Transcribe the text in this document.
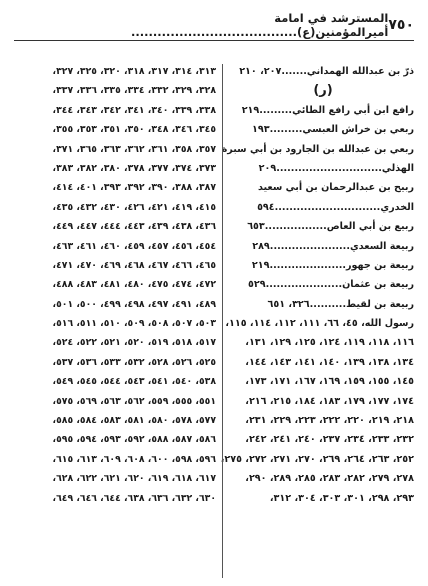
٧٥٠
المسترشد في امامة أميرالمؤمنين(ع)......................................
ذرّ بن عبدالله الهمداني.......٢٠٧، ٢١٠
(ر)
رافع ابن أبي رافع الطائي.........٢١٩
ربعي بن خراش العبسي.........١٩٣
ربعي بن عبدالله بن الجارود بن أبي سبرة
الهذلي.............................٢٠٩
ربيح بن عبدالرحمان بن أبي سعيد
الخدري.............................٥٩٤
ربيع بن أبي العاص.................٦٥٣
ربيعة السعدي......................٢٨٩
ربيعة بن جهور.....................٢١٩
ربيعة بن عثمان.....................٥٢٩
ربيعة بن لقيط..........٣٢٦، ٦٥١
رسول الله، ٤٥، ٦٦، ١١١، ١١٢، ١١٤، ١١٥،
١١٦، ١١٨، ١١٩، ١٢٤، ١٢٥، ١٢٩، ١٣١،
١٣٤، ١٣٨، ١٣٩، ١٤٠، ١٤١، ١٤٣، ١٤٤،
١٤٥، ١٥٥، ١٥٩، ١٦٩، ١٦٧، ١٧١، ١٧٣،
١٧٤، ١٧٧، ١٧٩، ١٨٣، ١٨٤، ٢١٥، ٢١٦،
٢١٨، ٢١٩، ٢٢٠، ٢٢٢، ٢٢٣، ٢٢٩، ٢٣١،
٢٣٢، ٢٣٣، ٢٣٤، ٢٣٧، ٢٤٠، ٢٤١، ٢٤٢،
٢٥٢، ٢٦٣، ٢٦٤، ٢٦٩، ٢٧٠، ٢٧١، ٢٧٢، ٢٧٥،
٢٧٨، ٢٧٩، ٢٨٢، ٢٨٣، ٢٨٥، ٢٨٩، ٢٩٠،
٢٩٣، ٢٩٨، ٣٠١، ٣٠٣، ٣٠٤، ٣١٢،
٣١٣، ٣١٤، ٣١٧، ٣١٨، ٣٢٠، ٣٢٥، ٣٢٧،
٣٢٨، ٣٢٩، ٣٣٢، ٣٣٤، ٣٣٥، ٣٣٦، ٣٣٧،
٣٣٨، ٣٣٩، ٣٤٠، ٣٤١، ٣٤٢، ٣٤٣، ٣٤٤،
٣٤٥، ٣٤٦، ٣٤٨، ٣٥٠، ٣٥١، ٣٥٣، ٣٥٥،
٣٥٧، ٣٥٨، ٣٦١، ٣٦٢، ٣٦٣، ٣٦٥، ٣٧١،
٣٧٣، ٣٧٤، ٣٧٧، ٣٧٨، ٣٨٠، ٣٨٢، ٣٨٣،
٣٨٧، ٣٨٨، ٣٩٠، ٣٩٢، ٣٩٣، ٤٠١، ٤١٤،
٤١٥، ٤١٩، ٤٢١، ٤٢٦، ٤٣٠، ٤٣٢، ٤٣٥،
٤٣٦، ٤٣٨، ٤٣٩، ٤٤٣، ٤٤٤، ٤٤٧، ٤٤٩،
٤٥٤، ٤٥٦، ٤٥٧، ٤٥٩، ٤٦٠، ٤٦١، ٤٦٣،
٤٦٥، ٤٦٦، ٤٦٧، ٤٦٨، ٤٦٩، ٤٧٠، ٤٧١،
٤٧٢، ٤٧٤، ٤٧٥، ٤٨٠، ٤٨١، ٤٨٣، ٤٨٨،
٤٨٩، ٤٩١، ٤٩٧، ٤٩٨، ٤٩٩، ٥٠٠، ٥٠١،
٥٠٣، ٥٠٧، ٥٠٨، ٥٠٩، ٥١٠، ٥١١، ٥١٦،
٥١٧، ٥١٨، ٥١٩، ٥٢٠، ٥٢١، ٥٢٢، ٥٢٤،
٥٢٥، ٥٢٦، ٥٢٨، ٥٣٢، ٥٣٣، ٥٣٦، ٥٣٧،
٥٣٨، ٥٤٠، ٥٤١، ٥٤٣، ٥٤٤، ٥٤٥، ٥٤٩،
٥٥١، ٥٥٥، ٥٥٩، ٥٦٢، ٥٦٣، ٥٦٩، ٥٧٥،
٥٧٧، ٥٧٨، ٥٨٠، ٥٨١، ٥٨٣، ٥٨٤، ٥٨٥،
٥٨٦، ٥٨٧، ٥٨٨، ٥٩٢، ٥٩٣، ٥٩٤، ٥٩٥،
٥٩٦، ٥٩٨، ٦٠٠، ٦٠٨، ٦٠٩، ٦١٣، ٦١٥،
٦١٧، ٦١٨، ٦١٩، ٦٢٠، ٦٢١، ٦٢٢، ٦٢٨،
٦٣٠، ٦٣٢، ٦٣٦، ٦٣٨، ٦٤٤، ٦٤٦، ٦٤٩،
